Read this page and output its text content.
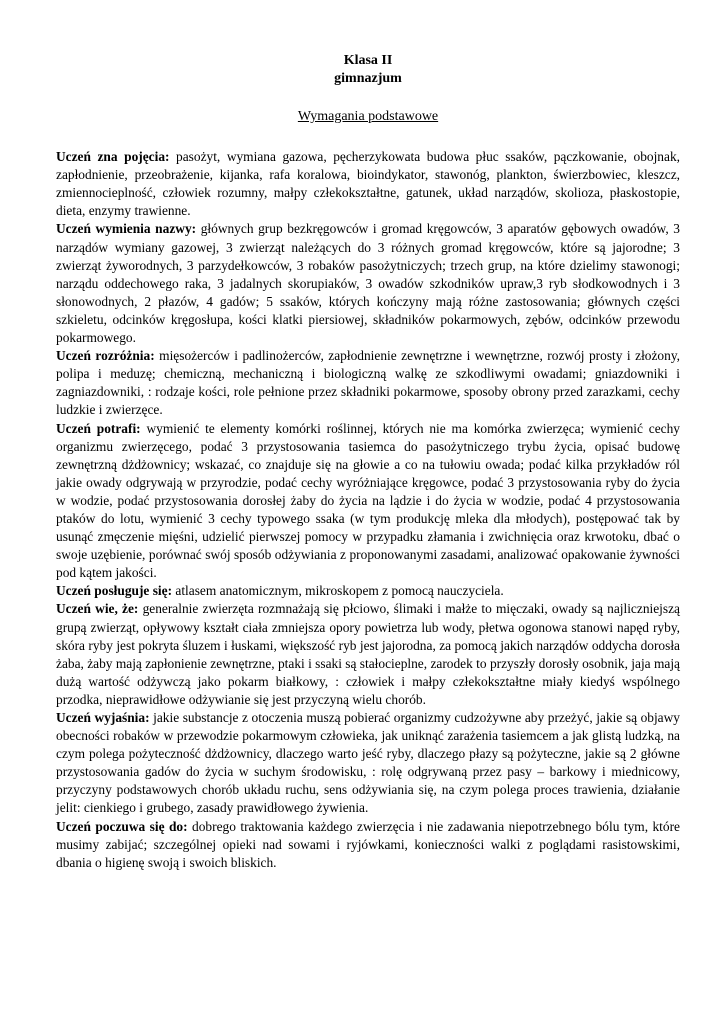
Klasa II

gimnazjum

Wymagania podstawowe

Uczeń zna pojęcia: pasożyt, wymiana gazowa, pęcherzykowata budowa płuc ssaków, pączkowanie, obojnak, zapłodnienie, przeobrażenie, kijanka, rafa koralowa, bioindykator, stawonóg, plankton, świerzbowiec, kleszcz, zmiennocieplność, człowiek rozumny, małpy człekokształtne, gatunek, układ narządów, skolioza, płaskostopie, dieta, enzymy trawienne.

Uczeń wymienia nazwy: głównych grup bezkręgowców i gromad kręgowców, 3 aparatów gębowych owadów, 3 narządów wymiany gazowej, 3 zwierząt należących do 3 różnych gromad kręgowców, które są jajorodne; 3 zwierząt żyworodnych, 3 parzydełkowców, 3 robaków pasożytniczych; trzech grup, na które dzielimy stawonogi; narządu oddechowego raka, 3 jadalnych skorupiaków, 3 owadów szkodników upraw,3 ryb słodkowodnych i 3 słonowodnych, 2 płazów, 4 gadów; 5 ssaków, których kończyny mają różne zastosowania; głównych części szkieletu, odcinków kręgosłupa, kości klatki piersiowej, składników pokarmowych, zębów, odcinków przewodu pokarmowego.

Uczeń rozróżnia: mięsożerców i padlinożerców, zapłodnienie zewnętrzne i wewnętrzne, rozwój prosty i złożony, polipa i meduzę; chemiczną, mechaniczną i biologiczną walkę ze szkodliwymi owadami; gniazdowniki i zagniazdowniki, : rodzaje kości, role pełnione przez składniki pokarmowe, sposoby obrony przed zarazkami, cechy ludzkie i zwierzęce.

Uczeń potrafi: wymienić te elementy komórki roślinnej, których nie ma komórka zwierzęca; wymienić cechy organizmu zwierzęcego, podać 3 przystosowania tasiemca do pasożytniczego trybu życia, opisać budowę zewnętrzną dżdżownicy; wskazać, co znajduje się na głowie a co na tułowiu owada; podać kilka przykładów ról jakie owady odgrywają w przyrodzie, podać cechy wyróżniające kręgowce, podać 3 przystosowania ryby do życia w wodzie, podać przystosowania dorosłej żaby do życia na lądzie i do życia w wodzie, podać 4 przystosowania ptaków do lotu, wymienić 3 cechy typowego ssaka (w tym produkcję mleka dla młodych), postępować tak by usunąć zmęczenie mięśni, udzielić pierwszej pomocy w przypadku złamania i zwichnięcia oraz krwotoku, dbać o swoje uzębienie, porównać swój sposób odżywiania z proponowanymi zasadami, analizować opakowanie żywności pod kątem jakości.

Uczeń posługuje się: atlasem anatomicznym, mikroskopem z pomocą nauczyciela.

Uczeń wie, że: generalnie zwierzęta rozmnażają się płciowo, ślimaki i małże to mięczaki, owady są najliczniejszą grupą zwierząt, opływowy kształt ciała zmniejsza opory powietrza lub wody, płetwa ogonowa stanowi napęd ryby, skóra ryby jest pokryta śluzem i łuskami, większość ryb jest jajorodna, za pomocą jakich narządów oddycha dorosła żaba, żaby mają zapłonienie zewnętrzne, ptaki i ssaki są stałocieplne, zarodek to przyszły dorosły osobnik, jaja mają dużą wartość odżywczą jako pokarm białkowy, : człowiek i małpy człekokształtne miały kiedyś wspólnego przodka, nieprawidłowe odżywianie się jest przyczyną wielu chorób.

Uczeń wyjaśnia: jakie substancje z otoczenia muszą pobierać organizmy cudzożywne aby przeżyć, jakie są objawy obecności robaków w przewodzie pokarmowym człowieka, jak uniknąć zarażenia tasiemcem a jak glistą ludzką, na czym polega pożyteczność dżdżownicy, dlaczego warto jeść ryby, dlaczego płazy są pożyteczne, jakie są 2 główne przystosowania gadów do życia w suchym środowisku, : rolę odgrywaną przez pasy – barkowy i miednicowy, przyczyny podstawowych chorób układu ruchu, sens odżywiania się, na czym polega proces trawienia, działanie jelit: cienkiego i grubego, zasady prawidłowego żywienia.

Uczeń poczuwa się do: dobrego traktowania każdego zwierzęcia i nie zadawania niepotrzebnego bólu tym, które musimy zabijać; szczególnej opieki nad sowami i ryjówkami, konieczności walki z poglądami rasistowskimi, dbania o higienę swoją i swoich bliskich.
